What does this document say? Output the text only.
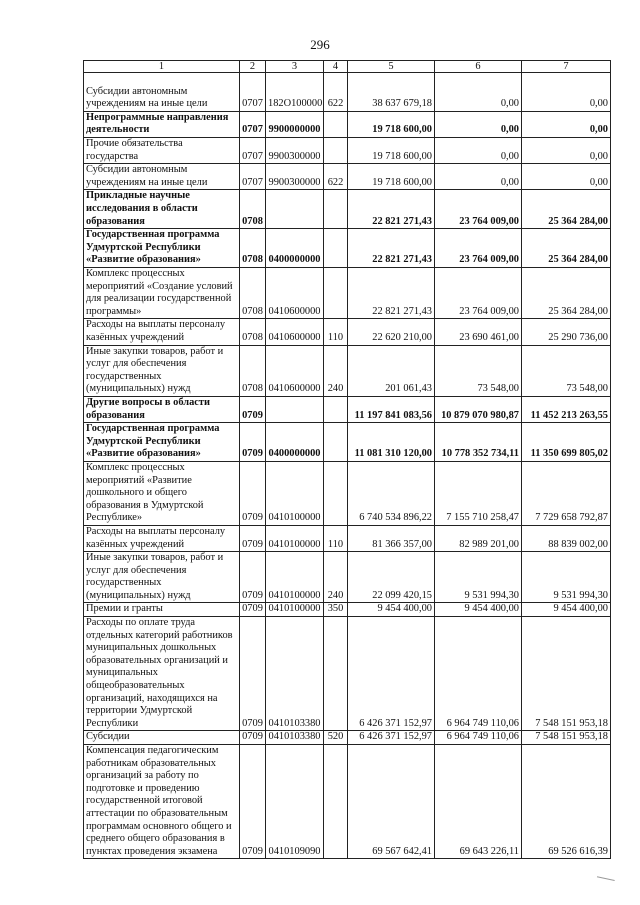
296
1	2	3	4	5	6	7
Субсидии автономным учреждениям на иные цели	0707	182О100000	622	38 637 679,18	0,00	0,00
Непрограммные направления деятельности	0707	9900000000		19 718 600,00	0,00	0,00
Прочие обязательства государства	0707	9900300000		19 718 600,00	0,00	0,00
Субсидии автономным учреждениям на иные цели	0707	9900300000	622	19 718 600,00	0,00	0,00
Прикладные научные исследования в области образования	0708			22 821 271,43	23 764 009,00	25 364 284,00
Государственная программа Удмуртской Республики «Развитие образования»	0708	0400000000		22 821 271,43	23 764 009,00	25 364 284,00
Комплекс процессных мероприятий «Создание условий для реализации государственной программы»	0708	0410600000		22 821 271,43	23 764 009,00	25 364 284,00
Расходы на выплаты персоналу казённых учреждений	0708	0410600000	110	22 620 210,00	23 690 461,00	25 290 736,00
Иные закупки товаров, работ и услуг для обеспечения государственных (муниципальных) нужд	0708	0410600000	240	201 061,43	73 548,00	73 548,00
Другие вопросы в области образования	0709			11 197 841 083,56	10 879 070 980,87	11 452 213 263,55
Государственная программа Удмуртской Республики «Развитие образования»	0709	0400000000		11 081 310 120,00	10 778 352 734,11	11 350 699 805,02
Комплекс процессных мероприятий «Развитие дошкольного и общего образования в Удмуртской Республике»	0709	0410100000		6 740 534 896,22	7 155 710 258,47	7 729 658 792,87
Расходы на выплаты персоналу казённых учреждений	0709	0410100000	110	81 366 357,00	82 989 201,00	88 839 002,00
Иные закупки товаров, работ и услуг для обеспечения государственных (муниципальных) нужд	0709	0410100000	240	22 099 420,15	9 531 994,30	9 531 994,30
Премии и гранты	0709	0410100000	350	9 454 400,00	9 454 400,00	9 454 400,00
Расходы по оплате труда отдельных категорий работников муниципальных дошкольных образовательных организаций и муниципальных общеобразовательных организаций, находящихся на территории Удмуртской Республики	0709	0410103380		6 426 371 152,97	6 964 749 110,06	7 548 151 953,18
Субсидии	0709	0410103380	520	6 426 371 152,97	6 964 749 110,06	7 548 151 953,18
Компенсация педагогическим работникам образовательных организаций за работу по подготовке и проведению государственной итоговой аттестации по образовательным программам основного общего и среднего общего образования в пунктах проведения экзамена	0709	0410109090		69 567 642,41	69 643 226,11	69 526 616,39
